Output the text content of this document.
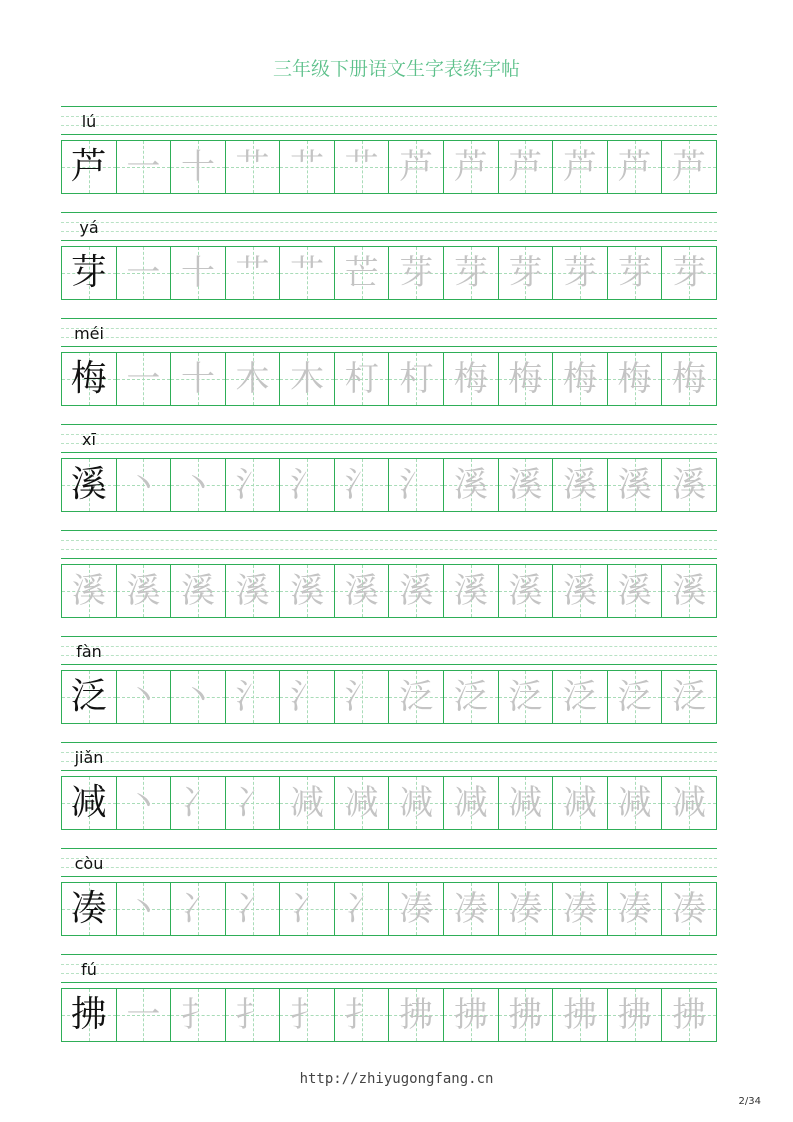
三年级下册语文生字表练字帖
lú
芦 一 十 艹 艹 艹 芦 芦 芦 芦 芦 芦
yá
芽 一 十 艹 艹 芒 芽 芽 芽 芽 芽 芽
méi
梅 一 十 木 木 朾 朾 梅 梅 梅 梅 梅
xī
溪 丶 丶 氵 氵 氵 氵 溪 溪 溪 溪 溪
溪 溪 溪 溪 溪 溪 溪 溪 溪 溪 溪 溪
fàn
泛 丶 丶 氵 氵 氵 泛 泛 泛 泛 泛 泛
jiǎn
减 丶 冫 冫 减 减 减 减 减 减 减 减
còu
凑 丶 冫 冫 冫 冫 凑 凑 凑 凑 凑 凑
fú
拂 一 扌 扌 扌 扌 拂 拂 拂 拂 拂 拂
http://zhiyugongfang.cn
2/34
